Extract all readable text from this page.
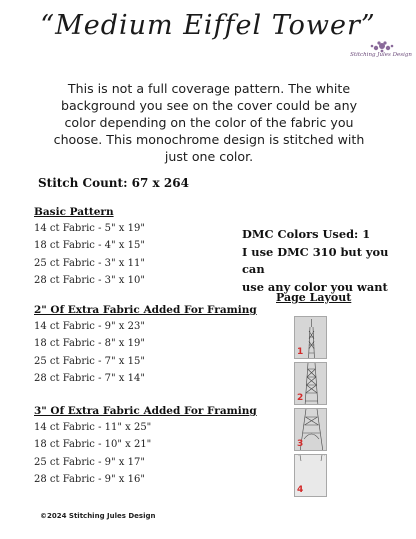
“Medium Eiffel Tower”
Stitching Jules Design

This is not a full coverage pattern. The white background you see on the cover could be any color depending on the color of the fabric you choose. This monochrome design is stitched with just one color.

Stitch Count: 67 x 264
Basic Pattern
14 ct Fabric - 5" x 19"
18 ct Fabric - 4" x 15"
25 ct Fabric - 3" x 11"
28 ct Fabric - 3" x 10"
2" Of Extra Fabric Added For Framing
14 ct Fabric - 9" x 23"
18 ct Fabric - 8" x 19"
25 ct Fabric - 7" x 15"
28 ct Fabric - 7" x 14"
3" Of Extra Fabric Added For Framing
14 ct Fabric - 11" x 25"
18 ct Fabric - 10" x 21"
25 ct Fabric - 9" x 17"
28 ct Fabric - 9" x 16"
DMC Colors Used: 1
I use DMC 310 but you can
use any color you want
Page Layout
1
2
3
4
©2024 Stitching Jules Design
